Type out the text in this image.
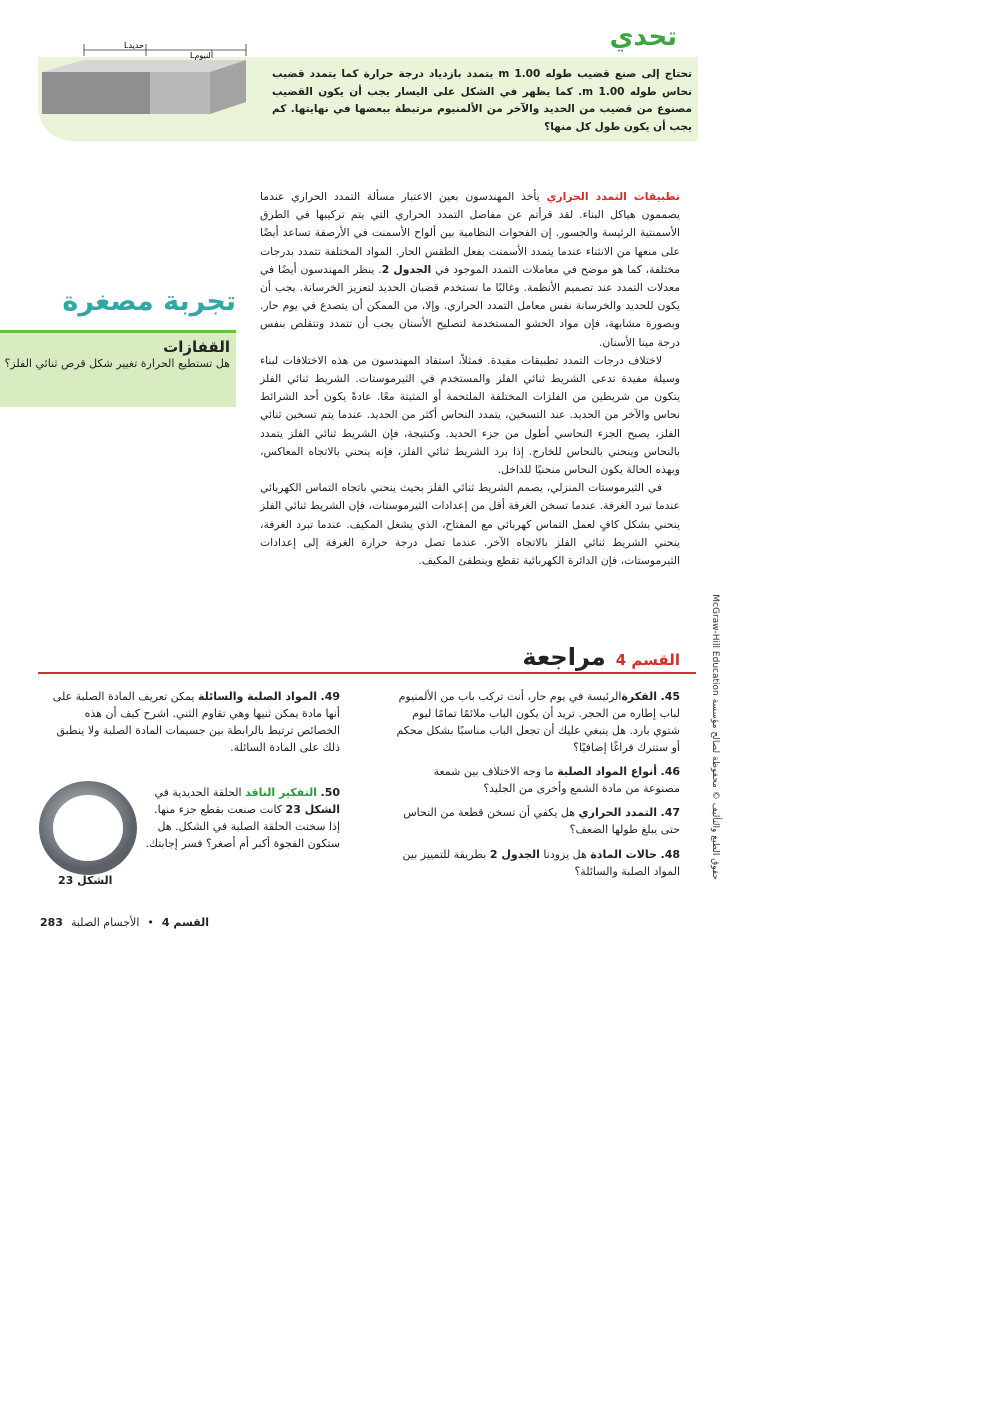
تحدي
تحتاج إلى صنع قضيب طوله 1.00 m يتمدد بازدياد درجة حرارة كما يتمدد قضيب نحاس طوله 1.00 m. كما يظهر في الشكل على اليسار يجب أن يكون القضيب مصنوع من قضيب من الحديد والآخر من الألمنيوم مرتبطة ببعضها في نهايتها. كم يجب أن يكون طول كل منها؟
Lحديد
Lألنيوم

تطبيقات التمدد الحراري يأخذ المهندسون بعين الاعتبار مسألة التمدد الحراري عندما يصممون هياكل البناء. لقد قرأتم عن مفاصل التمدد الحراري التي يتم تركيبها في الطرق الأسمنتية الرئيسة والجسور. إن الفجوات النظامية بين ألواح الأسمنت في الأرصفة تساعد أيضًا على منعها من الانثناء عندما يتمدد الأسمنت بفعل الطقس الحار. المواد المختلفة تتمدد بدرجات مختلفة، كما هو موضح في معاملات التمدد الموجود في الجدول 2. ينظر المهندسون أيضًا في معدلات التمدد عند تصميم الأنظمة. وغالبًا ما تستخدم قضبان الحديد لتعزيز الخرسانة. يجب أن يكون للحديد والخرسانة نفس معامل التمدد الحراري. وإلا، من الممكن أن يتصدع في يوم حار. وبصورة مشابهة، فإن مواد الحشو المستخدمة لتصليح الأسنان يجب أن تتمدد وتتقلص بنفس درجة مينا الأسنان.

لاختلاف درجات التمدد تطبيقات مفيدة. فمثلاً، استفاد المهندسون من هذه الاختلافات لبناء وسيلة مفيدة تدعى الشريط ثنائي الفلز والمستخدم في الثيرموستات. الشريط ثنائي الفلز يتكون من شريطين من الفلزات المختلفة الملتحمة أو المثبتة معًا. عادةً يكون أحد الشرائط نحاس والآخر من الحديد. عند التسخين، يتمدد النحاس أكثر من الحديد. عندما يتم تسخين ثنائي الفلز، يصبح الجزء النحاسي أطول من جزء الحديد. وكنتيجة، فإن الشريط ثنائي الفلز يتمدد بالنحاس وينحني بالنحاس للخارج. إذا برد الشريط ثنائي الفلز، فإنه ينحني بالاتجاه المعاكس، وبهذه الحالة يكون النحاس منحنيًا للداخل.

في الثيرموستات المنزلي، يصمم الشريط ثنائي الفلز بحيث ينحني باتجاه التماس الكهربائي عندما تبرد الغرفة. عندما تسخن الغرفة أقل من إعدادات الثيرموستات، فإن الشريط ثنائي الفلز ينحني بشكل كافٍ لعمل التماس كهربائي مع المفتاح، الذي يشغل المكيف. عندما تبرد الغرفة، ينحني الشريط ثنائي الفلز بالاتجاه الآخر. عندما تصل درجة حرارة الغرفة إلى إعدادات الثيرموستات، فإن الدائرة الكهربائية تقطع وينطفئ المكيف.

تجربة مصغرة
القفازات
هل تستطيع الحرارة تغيير شكل قرص ثنائي الفلز؟
القسم 4
مراجعة
45. الفكرةالرئيسة في يوم حار، أنت تركب باب من الألمنيوم لباب إطاره من الحجر. تريد أن يكون الباب ملائمًا تمامًا ليوم شتوي بارد. هل ينبغي عليك أن تجعل الباب مناسبًا بشكل محكم أو ستترك فراغًا إضافيًا؟
46. أنواع المواد الصلبة ما وجه الاختلاف بين شمعة مصنوعة من مادة الشمع وأخرى من الجليد؟
47. التمدد الحراري هل يكفي أن تسخن قطعة من النحاس حتى يبلغ طولها الضعف؟
48. حالات المادة هل يزودنا الجدول 2 بطريقة للتمييز بين المواد الصلبة والسائلة؟
49. المواد الصلبة والسائلة يمكن تعريف المادة الصلبة على أنها مادة يمكن ثنيها وهي تقاوم الثني. اشرح كيف أن هذه الخصائص ترتبط بالرابطة بين جسيمات المادة الصلبة ولا ينطبق ذلك على المادة السائلة.
50. التفكير الناقد الحلقة الحديدية في الشكل 23 كانت صنعت بقطع جزء منها. إذا سخنت الحلقة الصلبة في الشكل. هل ستكون الفجوة أكبر أم أصغر؟ فسر إجابتك.
الشكل 23
القسم 4
•
الأجسام الصلبة
283
حقوق الطبع والتأليف © محفوظة لصالح مؤسسة McGraw-Hill Education
